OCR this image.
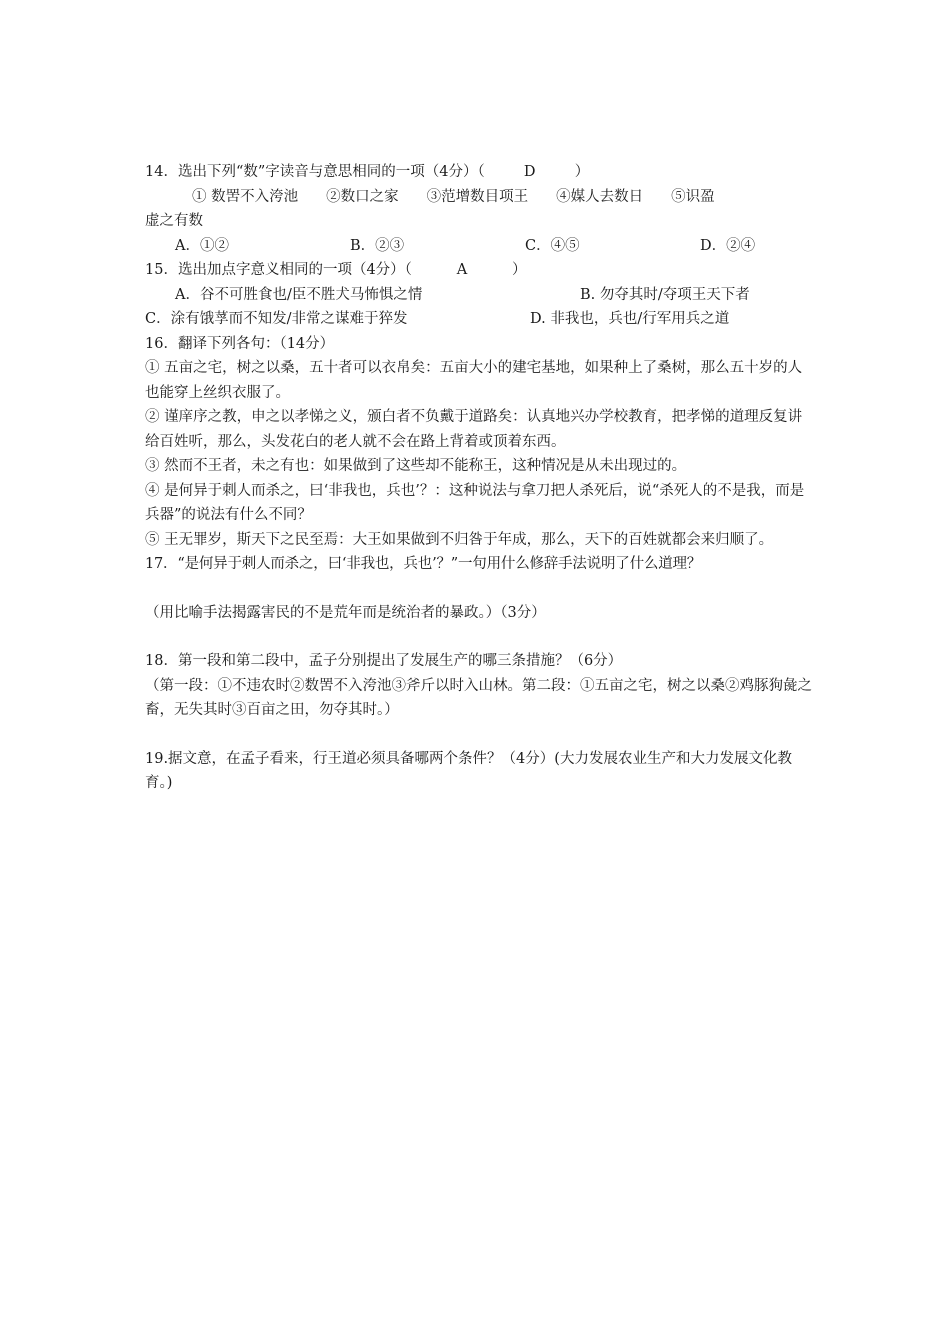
14．选出下列“数”字读音与意思相同的一项（4分）（	D	）
① 数罟不入洿池 ②数口之家 ③范增数目项王 ④媒人去数日 ⑤识盈
虚之有数
A．①②	B．②③	C．④⑤	D．②④
15．选出加点字意义相同的一项（4分）（	A	）
A．谷不可胜食也/臣不胜犬马怖惧之情	B. 勿夺其时/夺项王天下者
C．涂有饿莩而不知发/非常之谋难于猝发	D. 非我也，兵也/行军用兵之道
16．翻译下列各句：（14分）
① 五亩之宅，树之以桑，五十者可以衣帛矣：五亩大小的建宅基地，如果种上了桑树，那么五十岁的人也能穿上丝织衣服了。
② 谨庠序之教，申之以孝悌之义，颁白者不负戴于道路矣：认真地兴办学校教育，把孝悌的道理反复讲给百姓听，那么，头发花白的老人就不会在路上背着或顶着东西。
③ 然而不王者，未之有也：如果做到了这些却不能称王，这种情况是从未出现过的。
④ 是何异于刺人而杀之，曰‘非我也，兵也’？：这种说法与拿刀把人杀死后，说“杀死人的不是我，而是兵器”的说法有什么不同？
⑤ 王无罪岁，斯天下之民至焉：大王如果做到不归咎于年成，那么，天下的百姓就都会来归顺了。
17．“是何异于刺人而杀之，曰‘非我也，兵也’？”一句用什么修辞手法说明了什么道理？
（用比喻手法揭露害民的不是荒年而是统治者的暴政。）（3分）
18．第一段和第二段中，孟子分别提出了发展生产的哪三条措施？（6分）
（第一段：①不违农时②数罟不入洿池③斧斤以时入山林。第二段：①五亩之宅，树之以桑②鸡豚狗彘之畜，无失其时③百亩之田，勿夺其时。）
19.据文意，在孟子看来，行王道必须具备哪两个条件？（4分）(大力发展农业生产和大力发展文化教育。)
